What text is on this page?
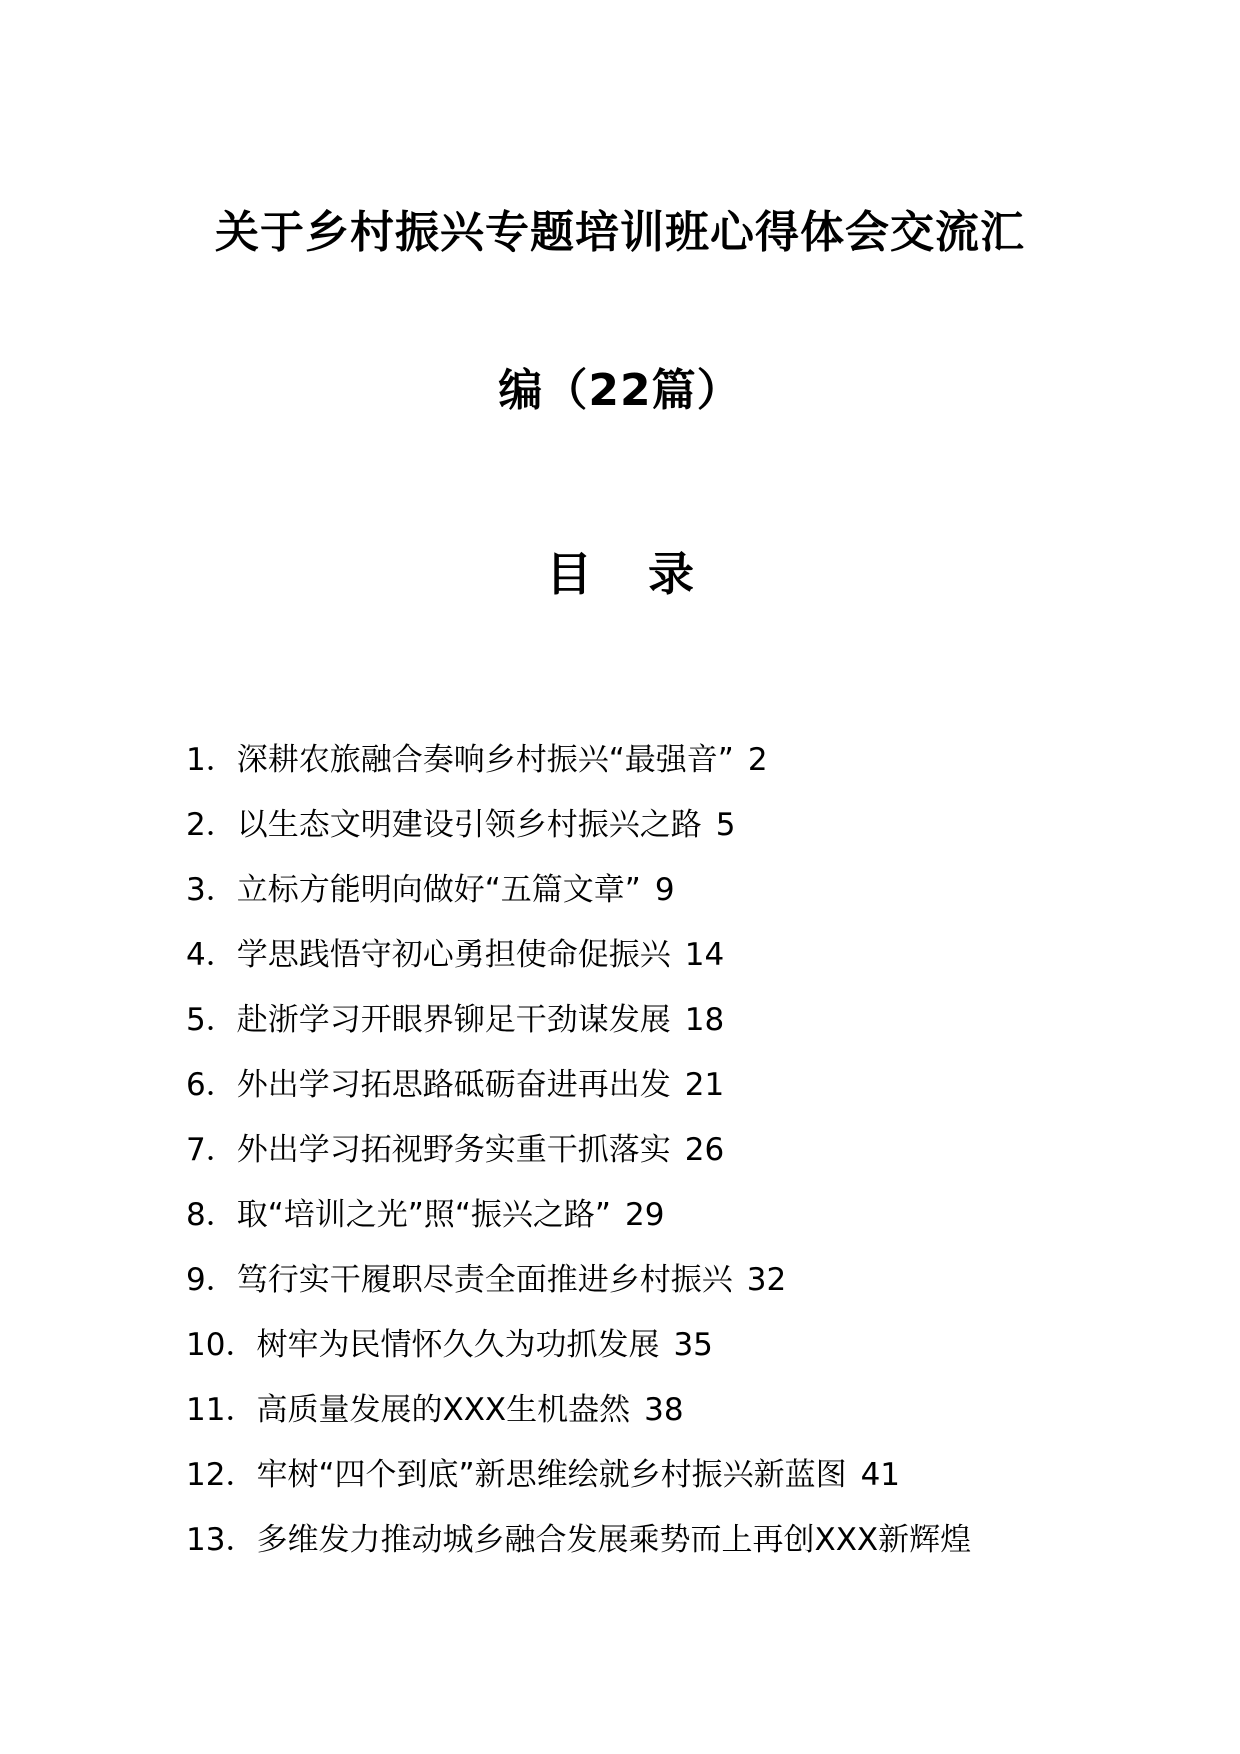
关于乡村振兴专题培训班心得体会交流汇
编（22篇）
目 录
1．深耕农旅融合奏响乡村振兴“最强音” 2
2．以生态文明建设引领乡村振兴之路 5
3．立标方能明向做好“五篇文章” 9
4．学思践悟守初心勇担使命促振兴 14
5．赴浙学习开眼界铆足干劲谋发展 18
6．外出学习拓思路砥砺奋进再出发 21
7．外出学习拓视野务实重干抓落实 26
8．取“培训之光”照“振兴之路” 29
9．笃行实干履职尽责全面推进乡村振兴 32
10．树牢为民情怀久久为功抓发展 35
11．高质量发展的XXX生机盎然 38
12．牢树“四个到底”新思维绘就乡村振兴新蓝图 41
13．多维发力推动城乡融合发展乘势而上再创XXX新辉煌
